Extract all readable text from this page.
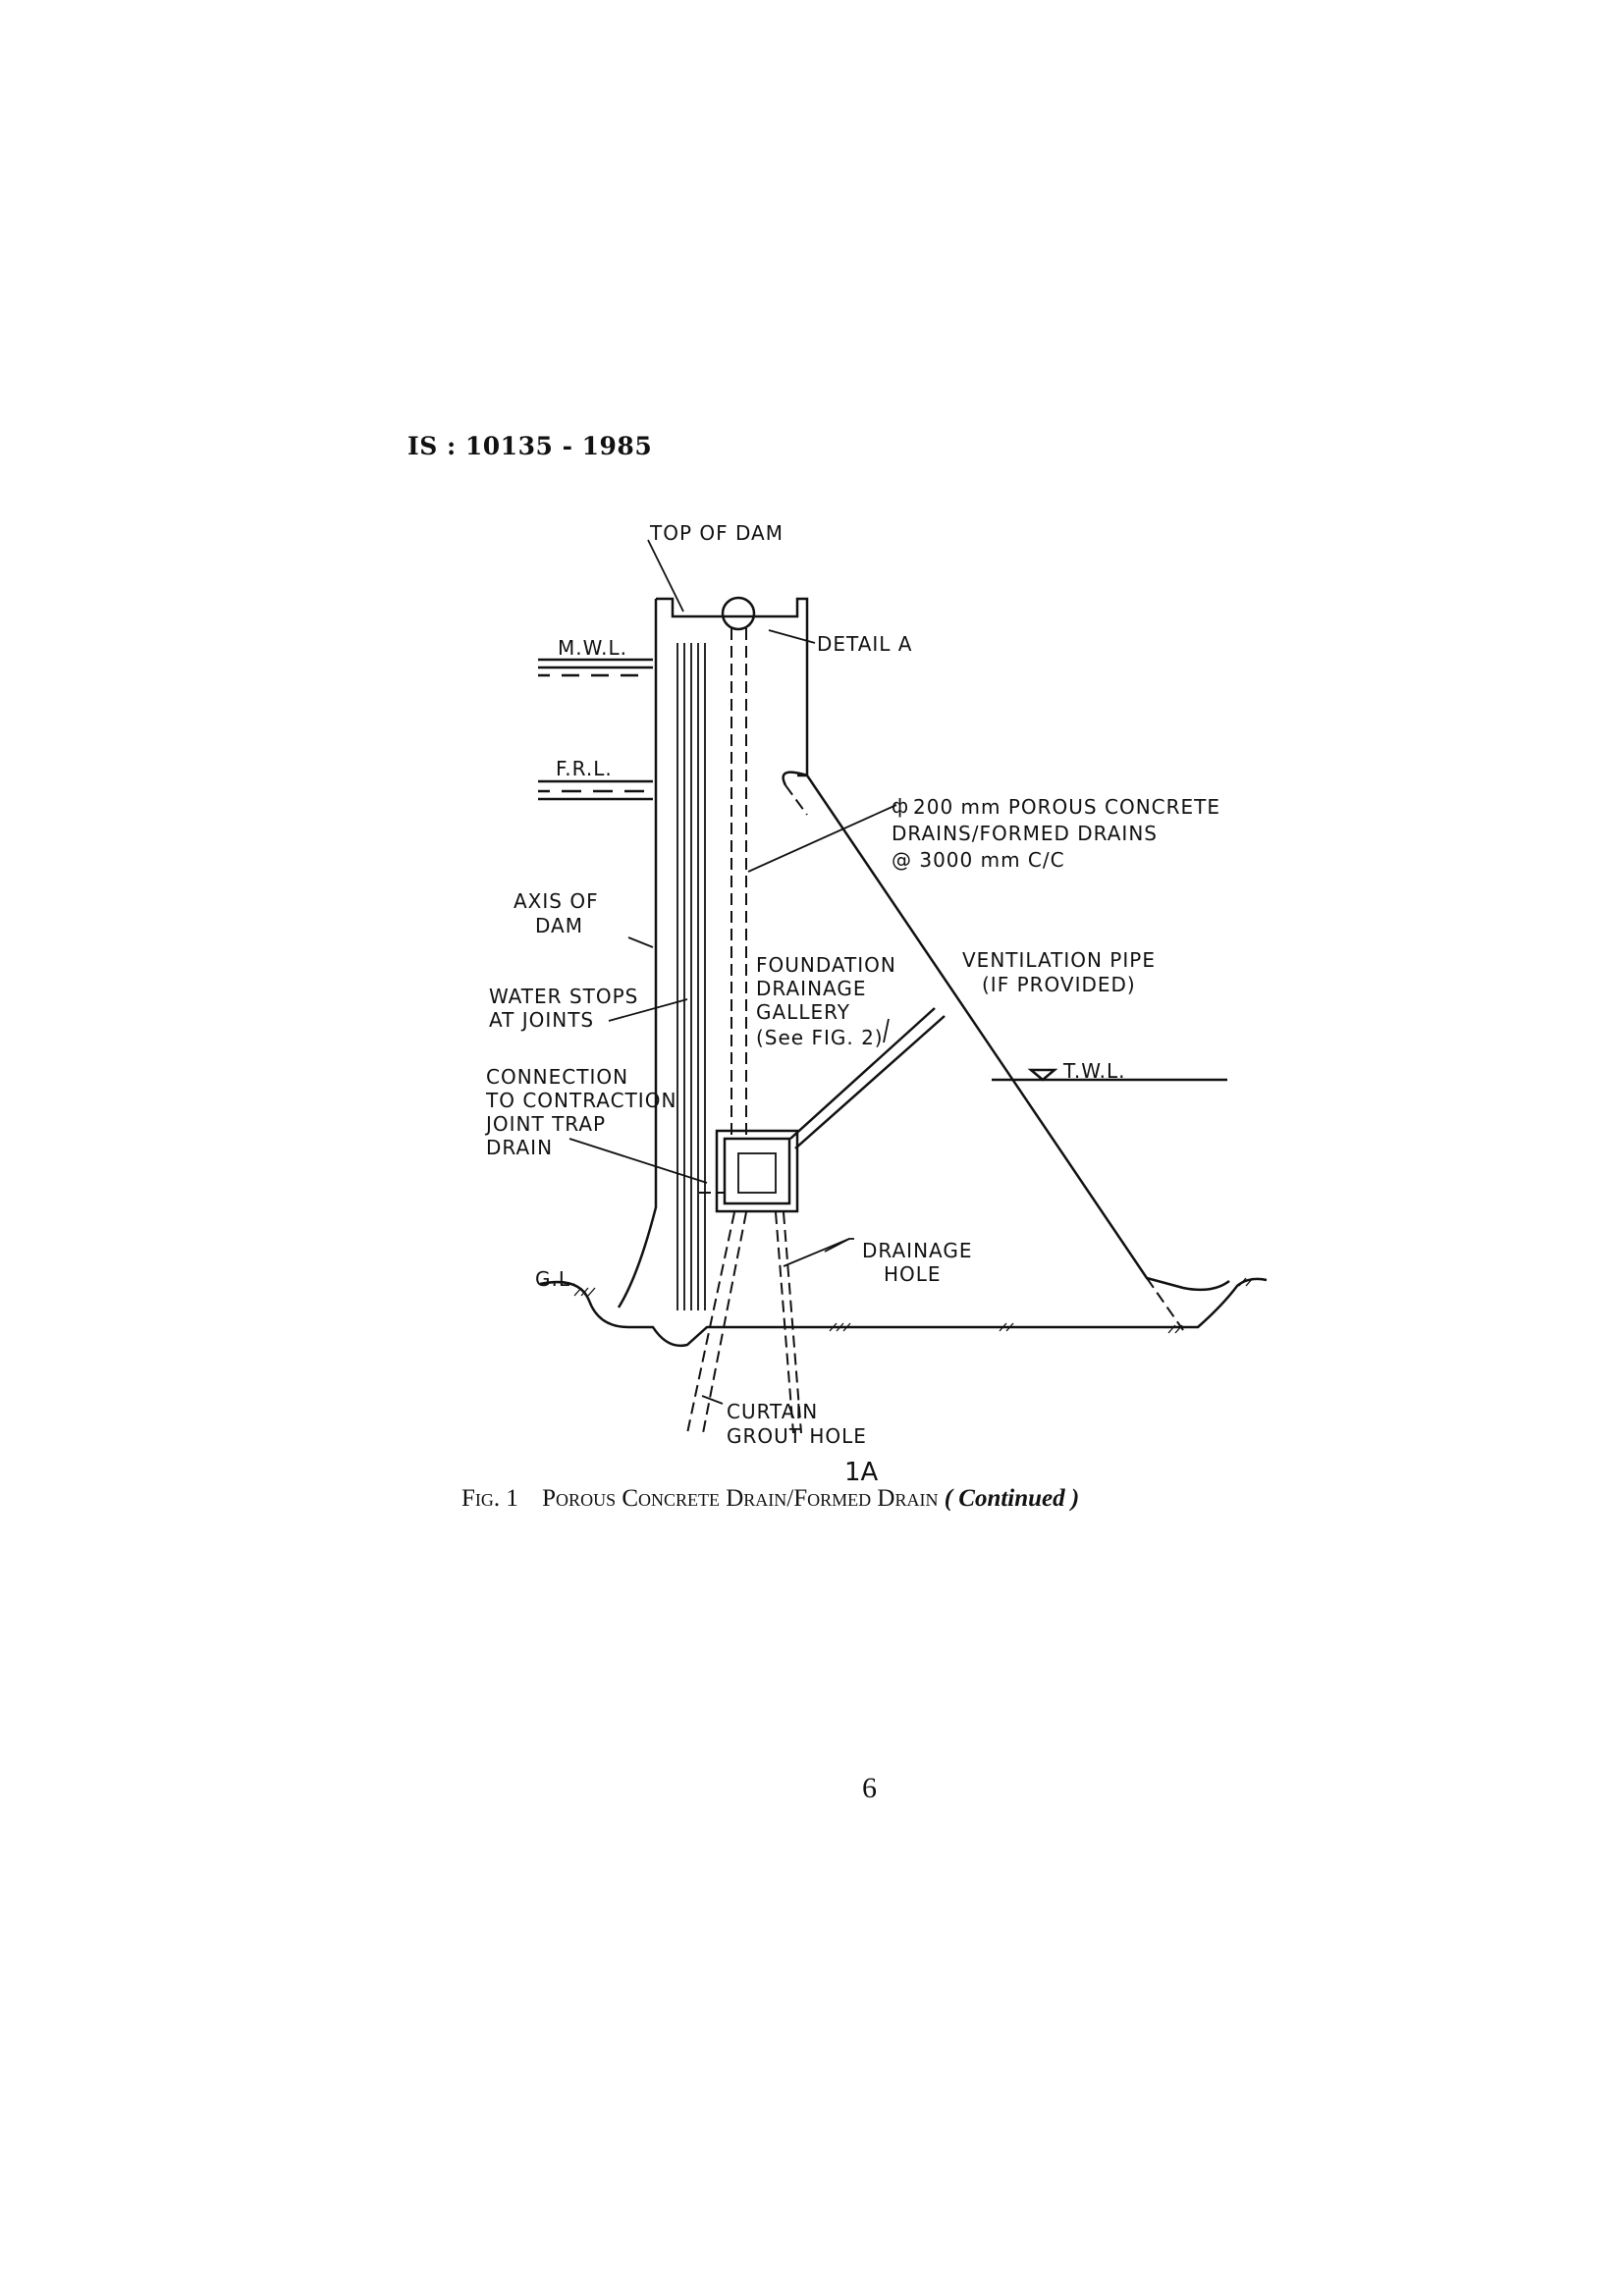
IS : 10135 - 1985
TOP OF DAM
DETAIL A
M.W.L.
F.R.L.
ф 200 mm POROUS CONCRETE
DRAINS/FORMED DRAINS
@ 3000 mm C/C
AXIS OF
DAM
FOUNDATION
DRAINAGE
GALLERY
(See FIG. 2)
VENTILATION PIPE
(IF PROVIDED)
WATER STOPS
AT JOINTS
T.W.L.
CONNECTION
TO CONTRACTION
JOINT TRAP
DRAIN
DRAINAGE
HOLE
G.L.
CURTAIN
GROUT HOLE
1A
Fig. 1 Porous Concrete Drain/Formed Drain ( Continued )
6
